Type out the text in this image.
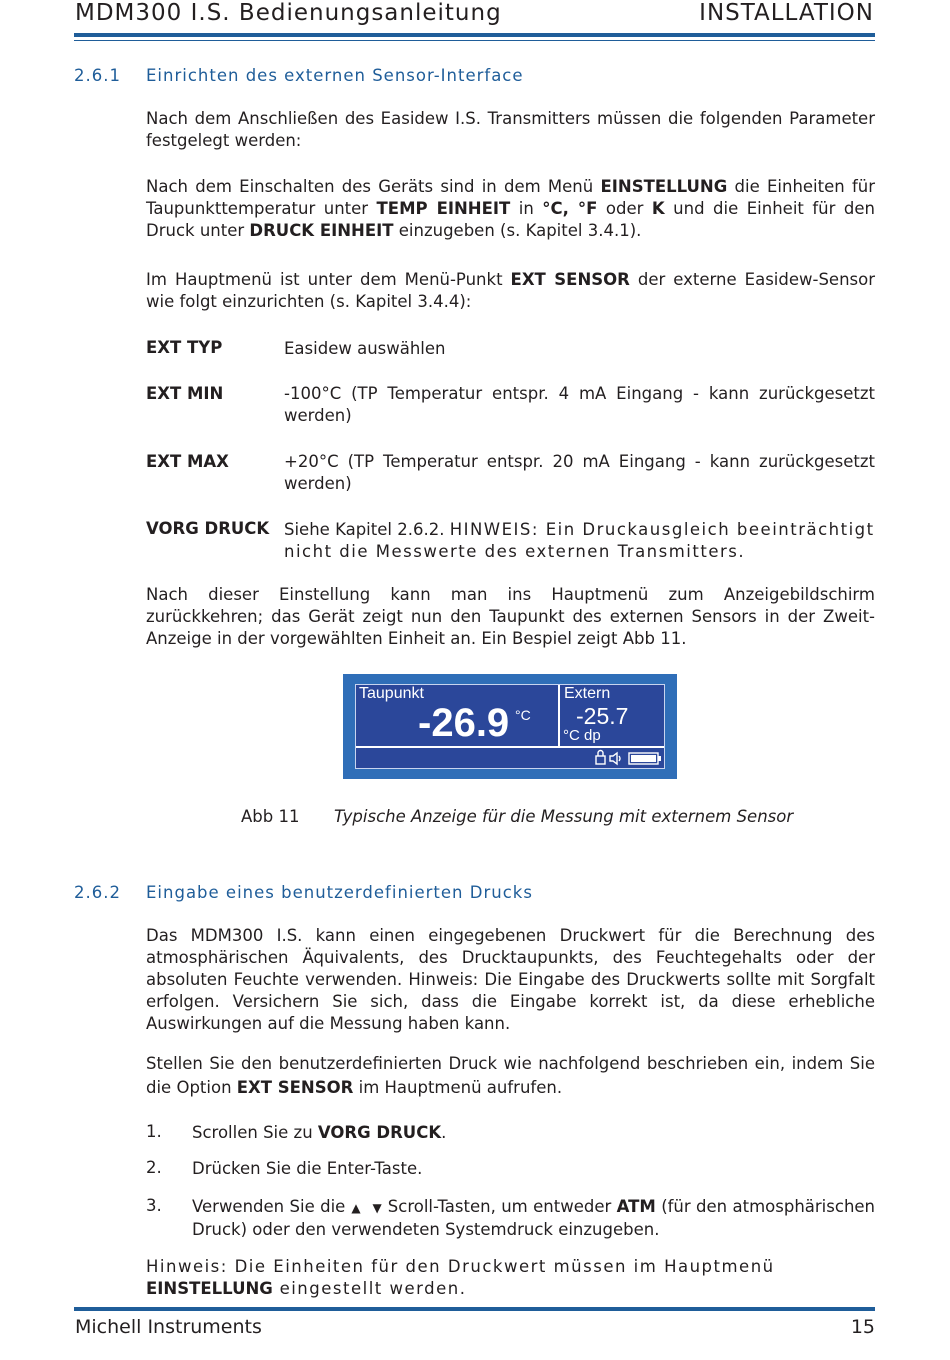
MDM300 I.S. Bedienungsanleitung	INSTALLATION
2.6.1 Einrichten des externen Sensor-Interface
Nach dem Anschließen des Easidew I.S. Transmitters müssen die folgenden Parameter festgelegt werden:
Nach dem Einschalten des Geräts sind in dem Menü EINSTELLUNG die Einheiten für Taupunkttemperatur unter TEMP EINHEIT in °C, °F oder K und die Einheit für den Druck unter DRUCK EINHEIT einzugeben (s. Kapitel 3.4.1).
Im Hauptmenü ist unter dem Menü-Punkt EXT SENSOR der externe Easidew-Sensor wie folgt einzurichten (s. Kapitel 3.4.4):
EXT TYP	Easidew auswählen
EXT MIN	-100°C (TP Temperatur entspr. 4 mA Eingang - kann zurückgesetzt werden)
EXT MAX	+20°C (TP Temperatur entspr. 20 mA Eingang - kann zurückgesetzt werden)
VORG DRUCK Siehe Kapitel 2.6.2. HINWEIS: Ein Druckausgleich beeinträchtigt nicht die Messwerte des externen Transmitters.
Nach dieser Einstellung kann man ins Hauptmenü zum Anzeigebildschirm zurückkehren; das Gerät zeigt nun den Taupunkt des externen Sensors in der Zweit-Anzeige in der vorgewählten Einheit an. Ein Bespiel zeigt Abb 11.
Taupunkt
-26.9 °C
Extern
-25.7
°C dp
Abb 11 Typische Anzeige für die Messung mit externem Sensor
2.6.2 Eingabe eines benutzerdefinierten Drucks
Das MDM300 I.S. kann einen eingegebenen Druckwert für die Berechnung des atmosphärischen Äquivalents, des Drucktaupunkts, des Feuchtegehalts oder der absoluten Feuchte verwenden. Hinweis: Die Eingabe des Druckwerts sollte mit Sorgfalt erfolgen. Versichern Sie sich, dass die Eingabe korrekt ist, da diese erhebliche Auswirkungen auf die Messung haben kann.
Stellen Sie den benutzerdefinierten Druck wie nachfolgend beschrieben ein, indem Sie die Option EXT SENSOR im Hauptmenü aufrufen.
1. Scrollen Sie zu VORG DRUCK.
2. Drücken Sie die Enter-Taste.
3. Verwenden Sie die ▲ ▼ Scroll-Tasten, um entweder ATM (für den atmosphärischen Druck) oder den verwendeten Systemdruck einzugeben.
Hinweis: Die Einheiten für den Druckwert müssen im Hauptmenü EINSTELLUNG eingestellt werden.
Michell Instruments	15
